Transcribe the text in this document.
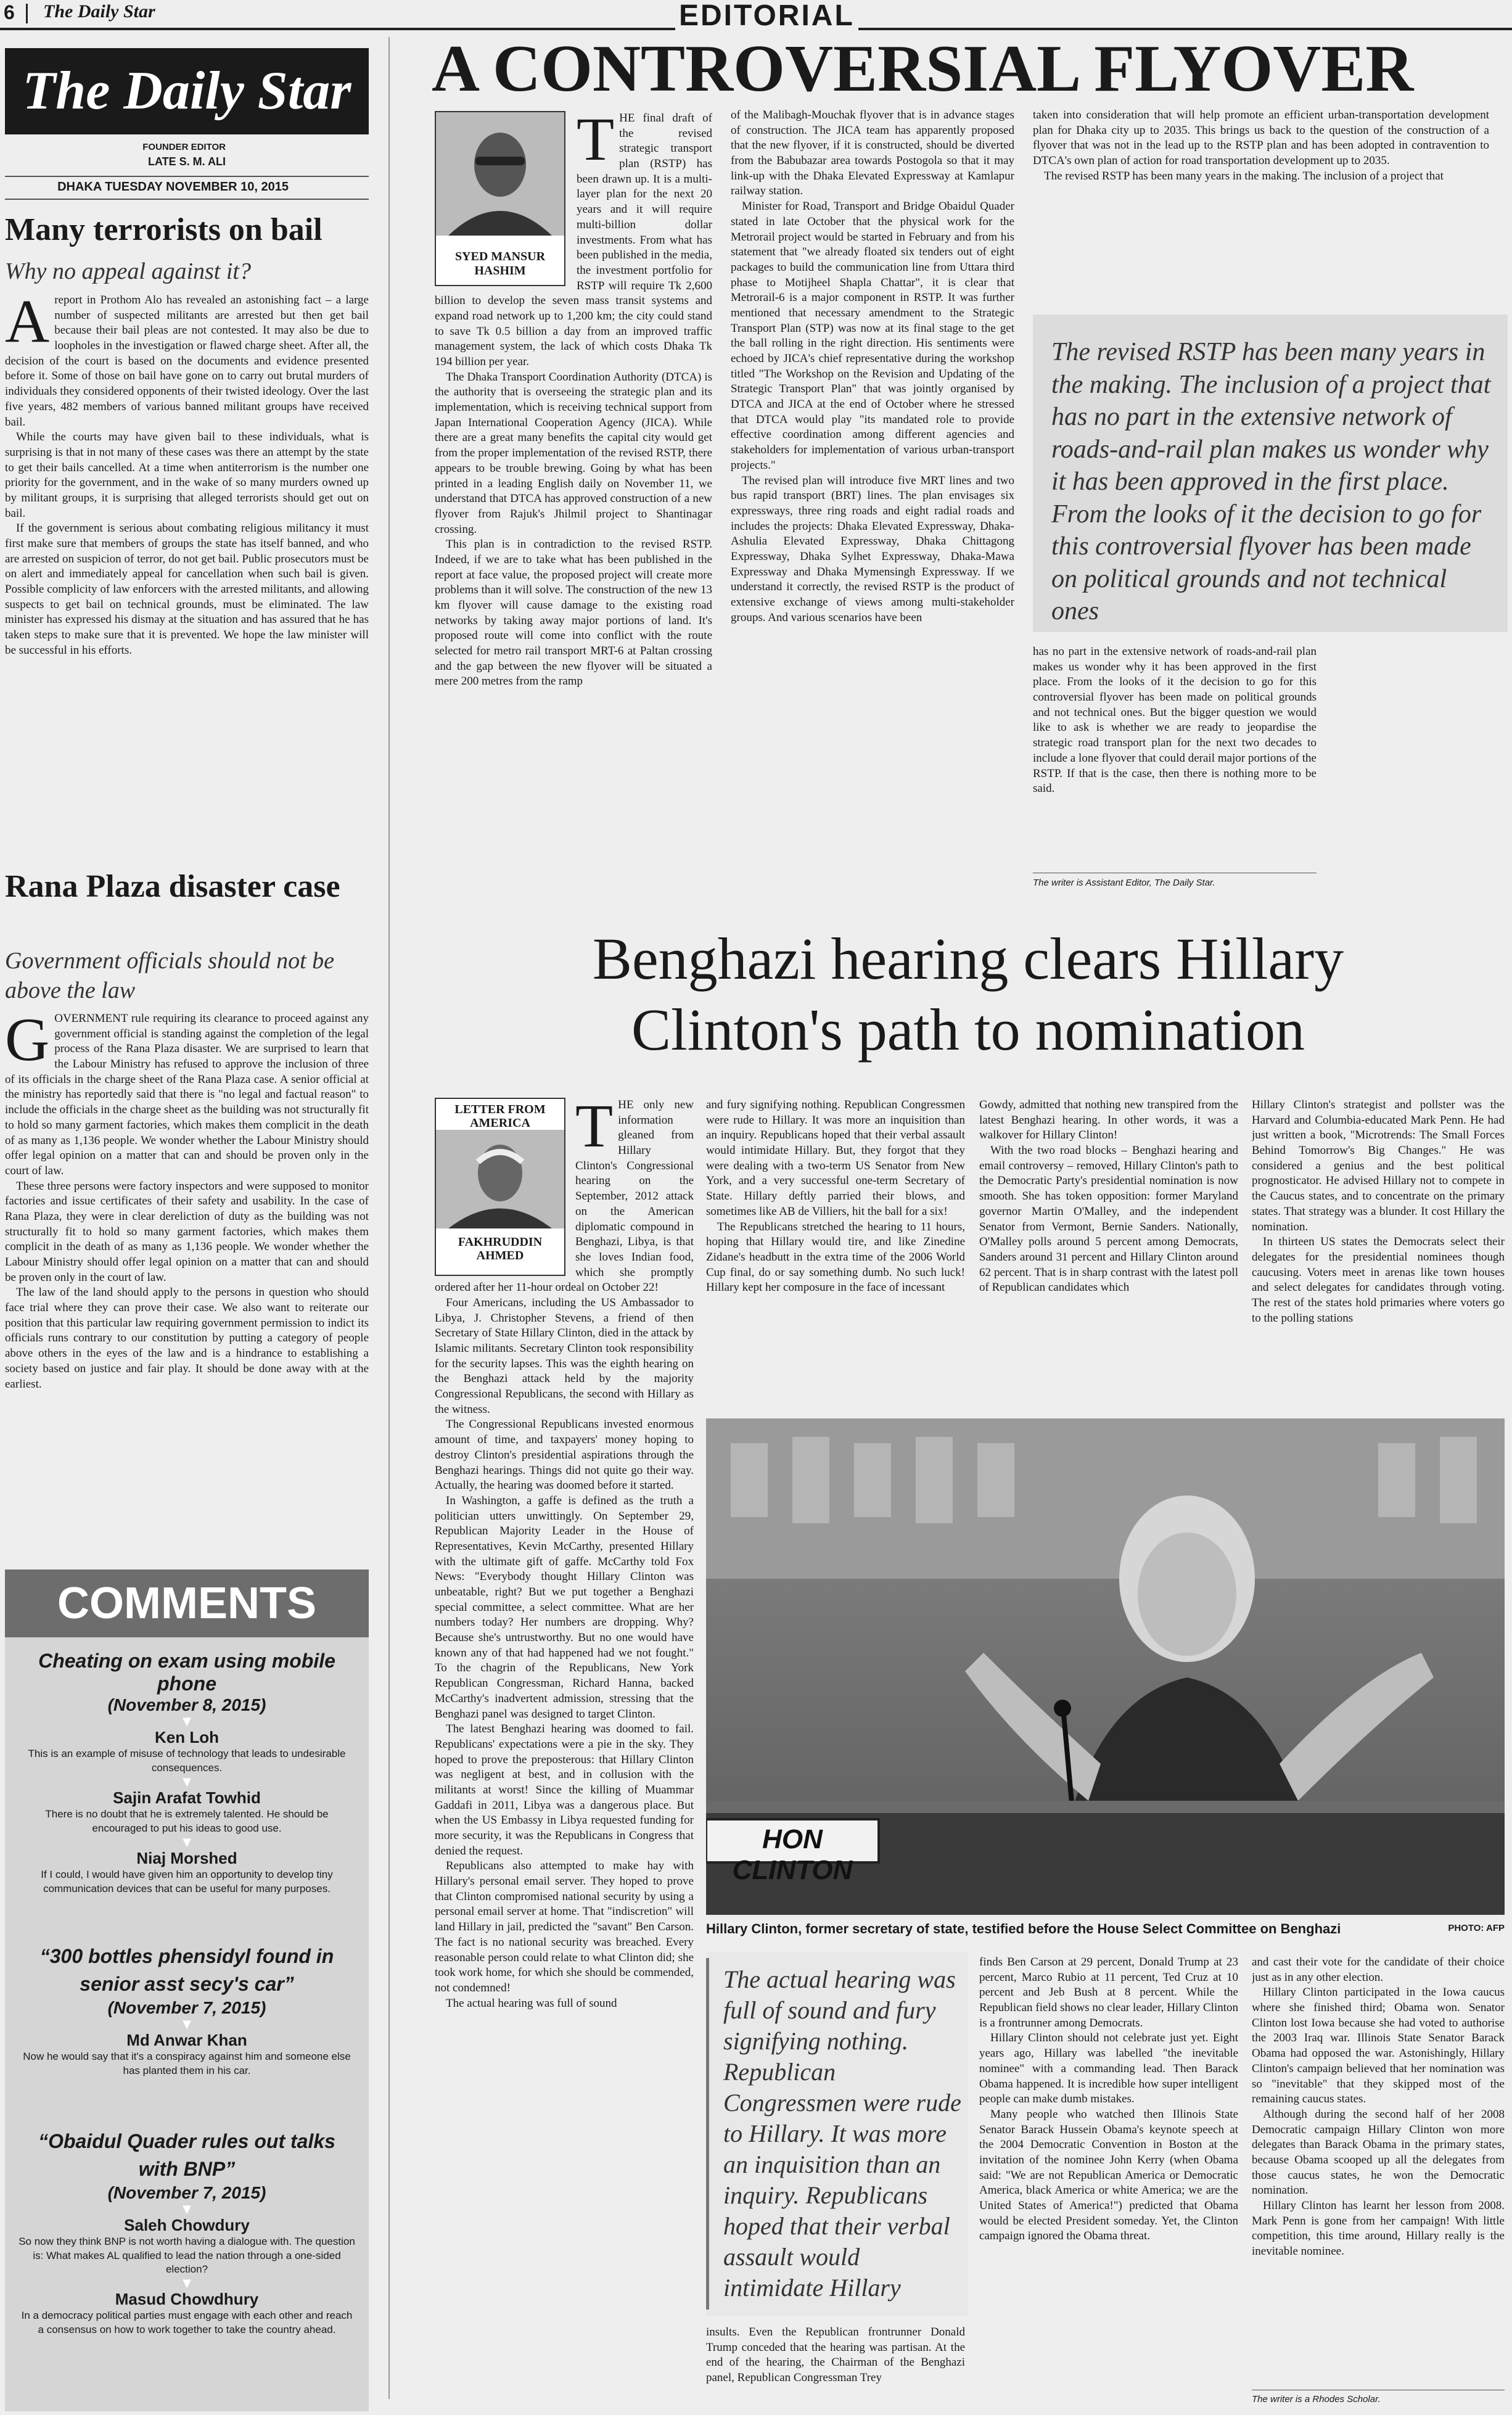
6 The Daily Star	EDITORIAL
The Daily Star
FOUNDER EDITOR
LATE S. M. ALI
DHAKA TUESDAY NOVEMBER 10, 2015
Many terrorists on bail
Why no appeal against it?
A report in Prothom Alo has revealed an astonishing fact – a large number of suspected militants are arrested but then get bail because their bail pleas are not contested. It may also be due to loopholes in the investigation or flawed charge sheet. After all, the decision of the court is based on the documents and evidence presented before it. Some of those on bail have gone on to carry out brutal murders of individuals they considered opponents of their twisted ideology. Over the last five years, 482 members of various banned militant groups have received bail.

While the courts may have given bail to these individuals, what is surprising is that in not many of these cases was there an attempt by the state to get their bails cancelled. At a time when antiterrorism is the number one priority for the government, and in the wake of so many murders owned up by militant groups, it is surprising that alleged terrorists should get out on bail.

If the government is serious about combating religious militancy it must first make sure that members of groups the state has itself banned, and who are arrested on suspicion of terror, do not get bail. Public prosecutors must be on alert and immediately appeal for cancellation when such bail is given. Possible complicity of law enforcers with the arrested militants, and allowing suspects to get bail on technical grounds, must be eliminated. The law minister has expressed his dismay at the situation and has assured that he has taken steps to make sure that it is prevented. We hope the law minister will be successful in his efforts.

Rana Plaza disaster case
Government officials should not be above the law
G OVERNMENT rule requiring its clearance to proceed against any government official is standing against the completion of the legal process of the Rana Plaza disaster. We are surprised to learn that the Labour Ministry has refused to approve the inclusion of three of its officials in the charge sheet of the Rana Plaza case. A senior official at the ministry has reportedly said that there is "no legal and factual reason" to include the officials in the charge sheet as the building was not structurally fit to hold so many garment factories, which makes them complicit in the death of as many as 1,136 people. We wonder whether the Labour Ministry should offer legal opinion on a matter that can and should be proven only in the court of law.

These three persons were factory inspectors and were supposed to monitor factories and issue certificates of their safety and usability. In the case of Rana Plaza, they were in clear dereliction of duty as the building was not structurally fit to hold so many garment factories, which makes them complicit in the death of as many as 1,136 people. We wonder whether the Labour Ministry should offer legal opinion on a matter that can and should be proven only in the court of law.

The law of the land should apply to the persons in question who should face trial where they can prove their case. We also want to reiterate our position that this particular law requiring government permission to indict its officials runs contrary to our constitution by putting a category of people above others in the eyes of the law and is a hindrance to establishing a society based on justice and fair play. It should be done away with at the earliest.

COMMENTS
Cheating on exam using mobile phone
(November 8, 2015)
▼
Ken Loh
This is an example of misuse of technology that leads to undesirable consequences.
▼
Sajin Arafat Towhid
There is no doubt that he is extremely talented. He should be encouraged to put his ideas to good use.
▼
Niaj Morshed
If I could, I would have given him an opportunity to develop tiny communication devices that can be useful for many purposes.
“300 bottles phensidyl found in senior asst secy's car”
(November 7, 2015)
▼
Md Anwar Khan
Now he would say that it's a conspiracy against him and someone else has planted them in his car.
“Obaidul Quader rules out talks with BNP”
(November 7, 2015)
▼
Saleh Chowdury
So now they think BNP is not worth having a dialogue with. The question is: What makes AL qualified to lead the nation through a one-sided election?
▼
Masud Chowdhury
In a democracy political parties must engage with each other and reach a consensus on how to work together to take the country ahead.
A CONTROVERSIAL FLYOVER
SYED MANSUR HASHIM
T HE final draft of the revised strategic transport plan (RSTP) has been drawn up. It is a multi-layer plan for the next 20 years and it will require multi-billion dollar investments. From what has been published in the media, the investment portfolio for RSTP will require Tk 2,600 billion to develop the seven mass transit systems and expand road network up to 1,200 km; the city could stand to save Tk 0.5 billion a day from an improved traffic management system, the lack of which costs Dhaka Tk 194 billion per year.

The Dhaka Transport Coordination Authority (DTCA) is the authority that is overseeing the strategic plan and its implementation, which is receiving technical support from Japan International Cooperation Agency (JICA). While there are a great many benefits the capital city would get from the proper implementation of the revised RSTP, there appears to be trouble brewing. Going by what has been printed in a leading English daily on November 11, we understand that DTCA has approved construction of a new flyover from Rajuk's Jhilmil project to Shantinagar crossing.

This plan is in contradiction to the revised RSTP. Indeed, if we are to take what has been published in the report at face value, the proposed project will create more problems than it will solve. The construction of the new 13 km flyover will cause damage to the existing road networks by taking away major portions of land. It's proposed route will come into conflict with the route selected for metro rail transport MRT-6 at Paltan crossing and the gap between the new flyover will be situated a mere 200 metres from the ramp

of the Malibagh-Mouchak flyover that is in advance stages of construction. The JICA team has apparently proposed that the new flyover, if it is constructed, should be diverted from the Babubazar area towards Postogola so that it may link-up with the Dhaka Elevated Expressway at Kamlapur railway station.

Minister for Road, Transport and Bridge Obaidul Quader stated in late October that the physical work for the Metrorail project would be started in February and from his statement that "we already floated six tenders out of eight packages to build the communication line from Uttara third phase to Motijheel Shapla Chattar", it is clear that Metrorail-6 is a major component in RSTP. It was further mentioned that necessary amendment to the Strategic Transport Plan (STP) was now at its final stage to the get the ball rolling in the right direction. His sentiments were echoed by JICA's chief representative during the workshop titled "The Workshop on the Revision and Updating of the Strategic Transport Plan" that was jointly organised by DTCA and JICA at the end of October where he stressed that DTCA would play "its mandated role to provide effective coordination among different agencies and stakeholders for implementation of various urban-transport projects."

The revised plan will introduce five MRT lines and two bus rapid transport (BRT) lines. The plan envisages six expressways, three ring roads and eight radial roads and includes the projects: Dhaka Elevated Expressway, Dhaka-Ashulia Elevated Expressway, Dhaka Chittagong Expressway, Dhaka Sylhet Expressway, Dhaka-Mawa Expressway and Dhaka Mymensingh Expressway. If we understand it correctly, the revised RSTP is the product of extensive exchange of views among multi-stakeholder groups. And various scenarios have been

taken into consideration that will help promote an efficient urban-transportation development plan for Dhaka city up to 2035. This brings us back to the question of the construction of a flyover that was not in the lead up to the RSTP plan and has been adopted in contravention to DTCA's own plan of action for road transportation development up to 2035.

The revised RSTP has been many years in the making. The inclusion of a project that

The revised RSTP has been many years in the making. The inclusion of a project that has no part in the extensive network of roads-and-rail plan makes us wonder why it has been approved in the first place. From the looks of it the decision to go for this controversial flyover has been made on political grounds and not technical ones

has no part in the extensive network of roads-and-rail plan makes us wonder why it has been approved in the first place. From the looks of it the decision to go for this controversial flyover has been made on political grounds and not technical ones. But the bigger question we would like to ask is whether we are ready to jeopardise the strategic road transport plan for the next two decades to include a lone flyover that could derail major portions of the RSTP. If that is the case, then there is nothing more to be said.

The writer is Assistant Editor, The Daily Star.
Benghazi hearing clears Hillary
Clinton's path to nomination
LETTER FROM AMERICA
FAKHRUDDIN AHMED
T HE only new information gleaned from Hillary Clinton's Congressional hearing on the September, 2012 attack on the American diplomatic compound in Benghazi, Libya, is that she loves Indian food, which she promptly ordered after her 11-hour ordeal on October 22!

Four Americans, including the US Ambassador to Libya, J. Christopher Stevens, a friend of then Secretary of State Hillary Clinton, died in the attack by Islamic militants. Secretary Clinton took responsibility for the security lapses. This was the eighth hearing on the Benghazi attack held by the majority Congressional Republicans, the second with Hillary as the witness.

The Congressional Republicans invested enormous amount of time, and taxpayers' money hoping to destroy Clinton's presidential aspirations through the Benghazi hearings. Things did not quite go their way. Actually, the hearing was doomed before it started.

In Washington, a gaffe is defined as the truth a politician utters unwittingly. On September 29, Republican Majority Leader in the House of Representatives, Kevin McCarthy, presented Hillary with the ultimate gift of gaffe. McCarthy told Fox News: "Everybody thought Hillary Clinton was unbeatable, right? But we put together a Benghazi special committee, a select committee. What are her numbers today? Her numbers are dropping. Why? Because she's untrustworthy. But no one would have known any of that had happened had we not fought." To the chagrin of the Republicans, New York Republican Congressman, Richard Hanna, backed McCarthy's inadvertent admission, stressing that the Benghazi panel was designed to target Clinton.

The latest Benghazi hearing was doomed to fail. Republicans' expectations were a pie in the sky. They hoped to prove the preposterous: that Hillary Clinton was negligent at best, and in collusion with the militants at worst! Since the killing of Muammar Gaddafi in 2011, Libya was a dangerous place. But when the US Embassy in Libya requested funding for more security, it was the Republicans in Congress that denied the request.

Republicans also attempted to make hay with Hillary's personal email server. They hoped to prove that Clinton compromised national security by using a personal email server at home. That "indiscretion" will land Hillary in jail, predicted the "savant" Ben Carson. The fact is no national security was breached. Every reasonable person could relate to what Clinton did; she took work home, for which she should be commended, not condemned!

The actual hearing was full of sound

and fury signifying nothing. Republican Congressmen were rude to Hillary. It was more an inquisition than an inquiry. Republicans hoped that their verbal assault would intimidate Hillary. But, they forgot that they were dealing with a two-term US Senator from New York, and a very successful one-term Secretary of State. Hillary deftly parried their blows, and sometimes like AB de Villiers, hit the ball for a six!

The Republicans stretched the hearing to 11 hours, hoping that Hillary would tire, and like Zinedine Zidane's headbutt in the extra time of the 2006 World Cup final, do or say something dumb. No such luck! Hillary kept her composure in the face of incessant

Gowdy, admitted that nothing new transpired from the latest Benghazi hearing. In other words, it was a walkover for Hillary Clinton!

With the two road blocks – Benghazi hearing and email controversy – removed, Hillary Clinton's path to the Democratic Party's presidential nomination is now smooth. She has token opposition: former Maryland governor Martin O'Malley, and the independent Senator from Vermont, Bernie Sanders. Nationally, O'Malley polls around 5 percent among Democrats, Sanders around 31 percent and Hillary Clinton around 62 percent. That is in sharp contrast with the latest poll of Republican candidates which

Hillary Clinton's strategist and pollster was the Harvard and Columbia-educated Mark Penn. He had just written a book, "Microtrends: The Small Forces Behind Tomorrow's Big Changes." He was considered a genius and the best political prognosticator. He advised Hillary not to compete in the Caucus states, and to concentrate on the primary states. That strategy was a blunder. It cost Hillary the nomination.

In thirteen US states the Democrats select their delegates for the presidential nominees though caucusing. Voters meet in arenas like town houses and select delegates for candidates through voting. The rest of the states hold primaries where voters go to the polling stations

HON CLINTON
Hillary Clinton, former secretary of state, testified before the House Select Committee on Benghazi	PHOTO: AFP
The actual hearing was full of sound and fury signifying nothing. Republican Congressmen were rude to Hillary. It was more an inquisition than an inquiry. Republicans hoped that their verbal assault would intimidate Hillary

insults. Even the Republican frontrunner Donald Trump conceded that the hearing was partisan. At the end of the hearing, the Chairman of the Benghazi panel, Republican Congressman Trey

finds Ben Carson at 29 percent, Donald Trump at 23 percent, Marco Rubio at 11 percent, Ted Cruz at 10 percent and Jeb Bush at 8 percent. While the Republican field shows no clear leader, Hillary Clinton is a frontrunner among Democrats.

Hillary Clinton should not celebrate just yet. Eight years ago, Hillary was labelled "the inevitable nominee" with a commanding lead. Then Barack Obama happened. It is incredible how super intelligent people can make dumb mistakes.

Many people who watched then Illinois State Senator Barack Hussein Obama's keynote speech at the 2004 Democratic Convention in Boston at the invitation of the nominee John Kerry (when Obama said: "We are not Republican America or Democratic America, black America or white America; we are the United States of America!") predicted that Obama would be elected President someday. Yet, the Clinton campaign ignored the Obama threat.

and cast their vote for the candidate of their choice just as in any other election.

Hillary Clinton participated in the Iowa caucus where she finished third; Obama won. Senator Clinton lost Iowa because she had voted to authorise the 2003 Iraq war. Illinois State Senator Barack Obama had opposed the war. Astonishingly, Hillary Clinton's campaign believed that her nomination was so "inevitable" that they skipped most of the remaining caucus states.

Although during the second half of her 2008 Democratic campaign Hillary Clinton won more delegates than Barack Obama in the primary states, because Obama scooped up all the delegates from those caucus states, he won the Democratic nomination.

Hillary Clinton has learnt her lesson from 2008. Mark Penn is gone from her campaign! With little competition, this time around, Hillary really is the inevitable nominee.

The writer is a Rhodes Scholar.
